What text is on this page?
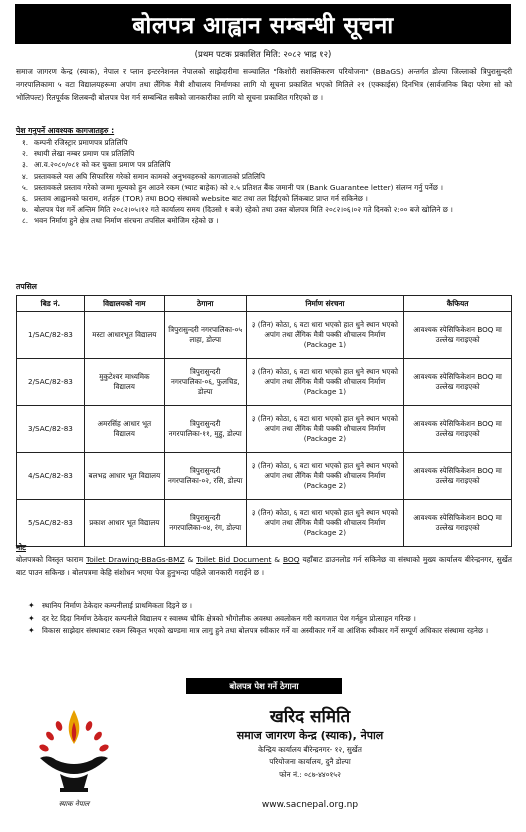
बोलपत्र आह्वान सम्बन्धी सूचना
(प्रथम पटक प्रकाशित मिति: २०८२ भाद्र १२)

समाज जागरण केन्द्र (स्याक), नेपाल र प्लान इन्टरनेशनल नेपालको साझेदारीमा सञ्चालित "किशोरी सशक्तिकरण परियोजना" (BBaGS) अन्तर्गत डोल्पा जिल्लाको त्रिपुरासुन्दरी नगरपालिकामा ५ वटा विद्यालयहरूमा अपांग तथा लैंगिक मैत्री शौचालय निर्माणका लागि यो सूचना प्रकाशित भएको मितिले २१ (एक्काईस) दिनभित्र (सार्वजनिक बिदा परेमा सो को भोलिपल्ट) रितपूर्वक शिलबन्दी बोलपत्र पेश गर्न सम्बन्धित सबैको जानकारीका लागि यो सूचना प्रकाशित गरिएको छ ।

पेश गनुपर्ने आवश्यक कागजातहरु :
१. कम्पनी रजिस्ट्रार प्रमाणपत्र प्रतिलिपि
२. स्थायी लेखा नम्बर प्रमाण पत्र प्रतिलिपि
३. आ.व.२०८०/०८१ को कर चुक्ता प्रमाण पत्र प्रतिलिपि
४. प्रस्तावकले यस अघि सिफारिस गरेको समान कामको अनुभवहरुको कागजातको प्रतिलिपि
५. प्रस्तावकले प्रस्ताव गरेको जम्मा मूल्यको हुन आउने रकम (भ्याट बाहेक) को २.५ प्रतिशत बैंक जमानी पत्र (Bank Guarantee letter) संलग्न गर्नु पर्नेछ ।
६. प्रस्ताव आह्वानको फाराम, शर्तहरु (TOR) तथा BOQ संस्थाको website बाट तथा तल दिईएको लिंकबाट प्राप्त गर्न सकिनेछ ।
७. बोलपत्र पेश गर्ने अन्तिम मिति २०८२।०५।१२ गते कार्यालय समय (दिउसो १ बजे) रहेको तथा उक्त बोलपत्र मिति २०८२।०६।०२ गते दिनको २:०० बजे खोलिने छ ।
८. भवन निर्माण हुने क्षेत्र तथा निर्माण संरचना तपसिल बमोजिम रहेको छ ।
तपसिल
बिड नं.	विद्यालयको नाम	ठेगाना	निर्माण संरचना	कैफियत
1/SAC/82-83	मस्टा आधारभूत विद्यालय	त्रिपुरासुन्दरी नगरपालिका-०५ लाहा, डोल्पा	३ (तिन) कोठा, ६ वटा धारा भएको हात धुने स्थान भएको अपांग तथा लैंगिक मैत्री पक्की शौचालय निर्माण (Package 1)	आवश्यक स्पेसिफिकेशन BOQ मा उल्लेख गराइएको
2/SAC/82-83	मुकुटेश्वर माध्यमिक विद्यालय	त्रिपुरासुन्दरी नगरपालिका-०६, फुलचिड, डोल्पा	३ (तिन) कोठा, ६ वटा धारा भएको हात धुने स्थान भएको अपांग तथा लैंगिक मैत्री पक्की शौचालय निर्माण (Package 1)	आवश्यक स्पेसिफिकेशन BOQ मा उल्लेख गराइएको
3/SAC/82-83	अमरसिंह आधार भूत विद्यालय	त्रिपुरासुन्दरी नगरपालिका-११, मुहु, डोल्पा	३ (तिन) कोठा, ६ वटा धारा भएको हात धुने स्थान भएको अपांग तथा लैंगिक मैत्री पक्की शौचालय निर्माण (Package 2)	आवश्यक स्पेसिफिकेशन BOQ मा उल्लेख गराइएको
4/SAC/82-83	बलभद्र आधार भूत विद्यालय	त्रिपुरासुन्दरी नगरपालिका-०२, रसि, डोल्पा	३ (तिन) कोठा, ६ वटा धारा भएको हात धुने स्थान भएको अपांग तथा लैंगिक मैत्री पक्की शौचालय निर्माण (Package 2)	आवश्यक स्पेसिफिकेशन BOQ मा उल्लेख गराइएको
5/SAC/82-83	प्रकाश आधार भूत विद्यालय	त्रिपुरासुन्दरी नगरपालिका-०४, रंग, डोल्पा	३ (तिन) कोठा, ६ वटा धारा भएको हात धुने स्थान भएको अपांग तथा लैंगिक मैत्री पक्की शौचालय निर्माण (Package 2)	आवश्यक स्पेसिफिकेशन BOQ मा उल्लेख गराइएको
नोट

बोलपत्रको विस्तृत फाराम Toilet Drawing-BBaGs-BMZ & Toilet Bid Document & BOQ यहाँबाट डाउनलोड गर्न सकिनेछ वा संस्थाको मुख्य कार्यालय बीरेन्द्रनगर, सुर्खेत बाट पाउन सकिन्छ । बोलपत्रमा केहि संशोधन भएमा पेज हुनुभन्दा पहिले जानकारी गराईने छ ।

✦ स्थानिय निर्माण ठेकेदार कम्पनीलाई प्राथमिकता दिइने छ ।
✦ दर रेट दिदा निर्माण ठेकेदार कम्पनीले विद्यालय र स्वास्थ्य चौकि क्षेत्रको भौगोलीक अवस्था अवलोकन गरी कागजात पेश गर्नहुन प्रोत्साहन गरिन्छ ।
✦ विकास साझेदार संस्थाबाट रकम स्विकृत भएको खण्डमा मात्र लागु हुने तथा बोलपत्र स्वीकार गर्ने वा अस्वीकार गर्ने वा आंशिक स्वीकार गर्ने सम्पूर्ण अधिकार संस्थामा रहनेछ ।
बोलपत्र पेश गर्ने ठेगाना
स्याक नेपाल
खरिद समिति
समाज जागरण केन्द्र (स्याक), नेपाल
केन्द्रिय कार्यालय बीरेन्द्रनगर- १२, सुर्खेत
परियोजना कार्यालय, दुनै डोल्पा
फोन नं.: ०८७-४४०१५२
www.sacnepal.org.np
